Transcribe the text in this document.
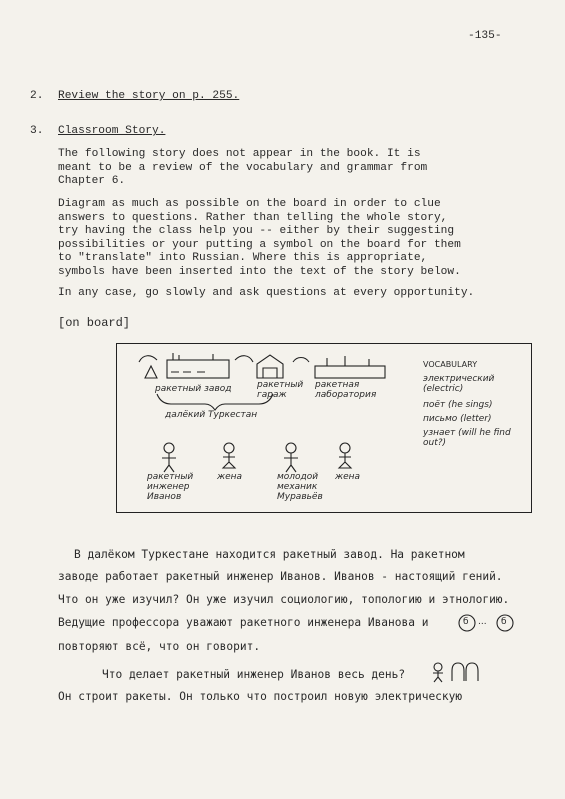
-135-
2. Review the story on p. 255.
3. Classroom Story.
The following story does not appear in the book. It is
meant to be a review of the vocabulary and grammar from
Chapter 6.
Diagram as much as possible on the board in order to clue
answers to questions. Rather than telling the whole story,
try having the class help you -- either by their suggesting
possibilities or your putting a symbol on the board for them
to "translate" into Russian. Where this is appropriate,
symbols have been inserted into the text of the story below.
In any case, go slowly and ask questions at every opportunity.
[on board]
ракетный завод	ракетный гараж
ракетная лаборатория
далёкий Туркестан
VOCABULARY
электрический (electric)
поёт (he sings)
письмо (letter)
узнает (will he find out?)
ракетный инженер Иванов
жена	молодой механик Муравьёв
жена
В далёком Туркестане находится ракетный завод. На ракетном
заводе работает ракетный инженер Иванов. Иванов - настоящий гений.
Что он уже изучил? Он уже изучил социологию, топологию и этнологию.
Ведущие профессора уважают ракетного инженера Иванова и	б	б
...
повторяют всё, что он говорит.
Что делает ракетный инженер Иванов весь день?
Он строит ракеты. Он только что построил новую электрическую
